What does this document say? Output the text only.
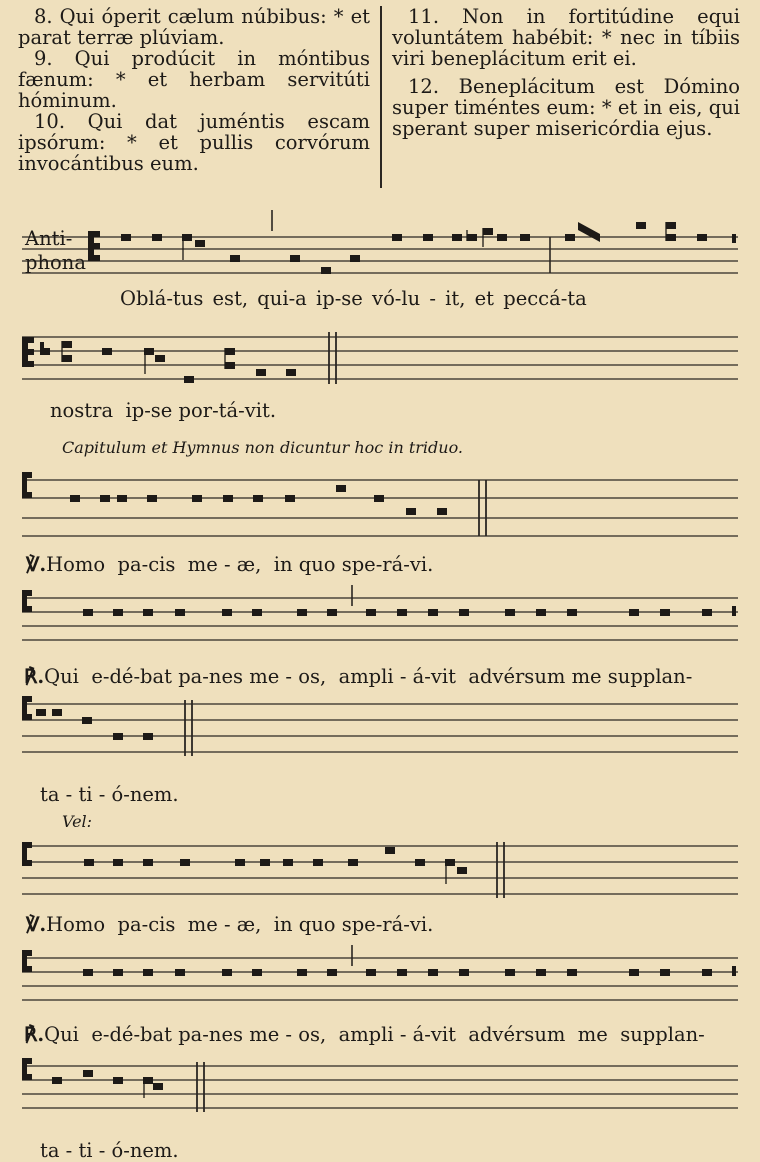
8. Qui óperit cælum núbibus: * et parat terræ plúviam.

9. Qui prodúcit in móntibus fænum: * et herbam servitúti hóminum.

10. Qui dat juméntis escam ipsórum: * et pullis corvórum invocántibus eum.

11. Non in fortitúdine equi voluntátem habébit: * nec in tíbiis viri beneplácitum erit ei.

12. Beneplácitum est Dómino super timéntes eum: * et in eis, qui sperant super misericórdia ejus.

Anti-
phona
Oblá-tus est, qui-a ip-se vó-lu - it, et peccá-ta
nostra  ip-se por-tá-vit.
Capitulum et Hymnus non dicuntur hoc in triduo.
℣.Homo  pa-cis  me - æ,  in quo spe-rá-vi.
℟.Qui  e-dé-bat pa-nes me - os,  ampli - á-vit  advérsum me supplan-
ta - ti - ó-nem.
Vel:
℣.Homo  pa-cis  me - æ,  in quo spe-rá-vi.
℟.Qui  e-dé-bat pa-nes me - os,  ampli - á-vit  advérsum  me  supplan-
ta - ti - ó-nem.
